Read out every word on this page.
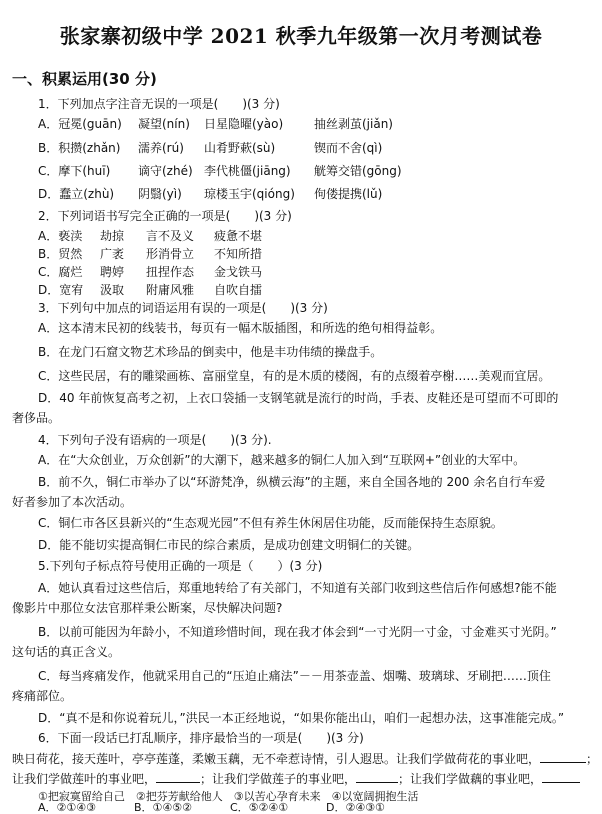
张家寨初级中学 2021 秋季九年级第一次月考测试卷
一、积累运用(30 分)
1．下列加点字注音无误的一项是(　　)(3 分)
A．冠冕(guān) 凝望(nín) 日星隐曜(yào)	抽丝剥茧(jiǎn)
B．积攒(zhǎn) 濡养(rú) 山肴野蔌(sù)	锲而不舍(qì)
C．摩下(huī) 谪守(zhé) 李代桃僵(jiāng) 觥筹交错(gōng)
D．蠢立(zhù) 阴翳(yì) 琼楼玉宇(qióng) 佝偻提携(lǔ)
2．下列词语书写完全正确的一项是(　　)(3 分)
A．亵渎 劫掠 言不及义 疲惫不堪
B．贸然 广袤 形消骨立 不知所措
C．腐烂 聘婷 扭捏作态 金戈铁马
D．宽宥 汲取 附庸风雅 自吹自擂
3．下列句中加点的词语运用有误的一项是(　　)(3 分)
A．这本清末民初的线装书，每页有一幅木版插图，和所选的绝句相得益彰。
B．在龙门石窟文物艺术珍品的倒卖中，他是丰功伟绩的操盘手。
C．这些民居，有的雕梁画栋、富丽堂皇，有的是木质的楼阁，有的点缀着亭榭……美观而宜居。
D．40 年前恢复高考之初，上衣口袋插一支钢笔就是流行的时尚，手表、皮鞋还是可望而不可即的
奢侈品。
4．下列句子没有语病的一项是(　　)(3 分).
A．在“大众创业，万众创新”的大潮下，越来越多的铜仁人加入到“互联网+”创业的大军中。
B．前不久，铜仁市举办了以“环游梵净，纵横云海”的主题，来自全国各地的 200 余名自行车爱
好者参加了本次活动。
C．铜仁市各区县新兴的“生态观光园”不但有养生休闲居住功能，反而能保持生态原貌。
D．能不能切实提高铜仁市民的综合素质，是成功创建文明铜仁的关键。
5.下列句子标点符号使用正确的一项是（　　）(3 分)
A．她认真看过这些信后，郑重地转给了有关部门，不知道有关部门收到这些信后作何感想?能不能
像影片中那位女法官那样秉公断案，尽快解决问题?
B．以前可能因为年龄小，不知道珍惜时间，现在我才体会到“一寸光阴一寸金，寸金难买寸光阴。”
这句话的真正含义。
C．每当疼痛发作，他就采用自己的“压迫止痛法”－－用茶壶盖、烟嘴、玻璃球、牙刷把……顶住
疼痛部位。
D．“真不是和你说着玩儿，”洪民一本正经地说，“如果你能出山，咱们一起想办法，这事准能完成。”
6．下面一段话已打乱顺序，排序最恰当的一项是(　　)(3 分)
映日荷花，接天莲叶，亭亭莲蓬，柔嫩玉藕，无不牵惹诗情，引人遐思。让我们学做荷花的事业吧，	；
让我们学做莲叶的事业吧，	；让我们学做莲子的事业吧，	；让我们学做藕的事业吧，
①把寂寞留给自己　②把芬芳献给他人　③以苦心孕育未来　④以宽阔拥抱生活
A．②①④③	B．①④⑤②	C．⑤②④①	D．②④③①
